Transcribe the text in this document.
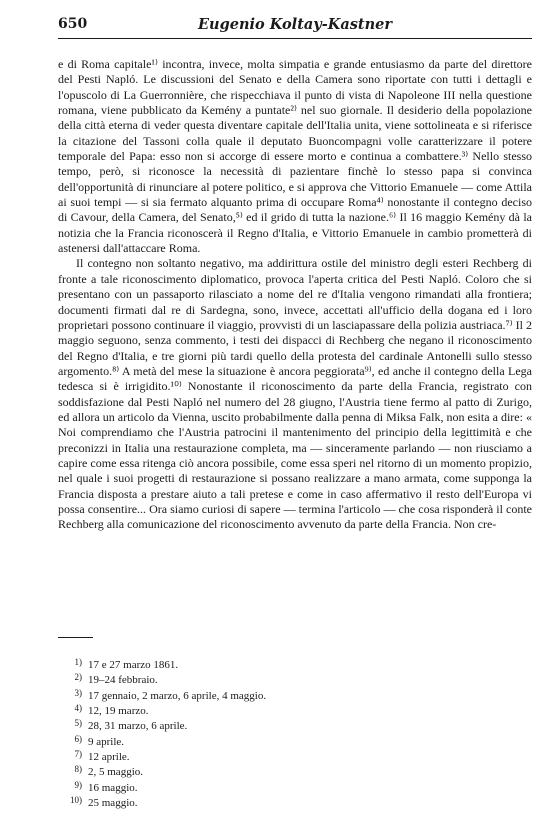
650	Eugenio Koltay-Kastner

e di Roma capitale¹⁾ incontra, invece, molta simpatia e grande entusiasmo da parte del direttore del Pesti Napló. Le discussioni del Senato e della Camera sono riportate con tutti i dettagli e l'opuscolo di La Guerronnière, che rispecchiava il punto di vista di Napoleone III nella questione romana, viene pubblicato da Kemény a puntate²⁾ nel suo giornale. Il desiderio della popolazione della città eterna di veder questa diventare capitale dell'Italia unita, viene sottolineata e si riferisce la citazione del Tassoni colla quale il deputato Buoncompagni volle caratterizzare il potere temporale del Papa: esso non si accorge di essere morto e continua a combattere.³⁾ Nello stesso tempo, però, si riconosce la necessità di pazientare finchè lo stesso papa si convinca dell'opportunità di rinunciare al potere politico, e si approva che Vittorio Emanuele — come Attila ai suoi tempi — si sia fermato alquanto prima di occupare Roma⁴⁾ nonostante il contegno deciso di Cavour, della Camera, del Senato,⁵⁾ ed il grido di tutta la nazione.⁶⁾ Il 16 maggio Kemény dà la notizia che la Francia riconoscerà il Regno d'Italia, e Vittorio Emanuele in cambio prometterà di astenersi dall'attaccare Roma.

Il contegno non soltanto negativo, ma addirittura ostile del ministro degli esteri Rechberg di fronte a tale riconoscimento diplomatico, provoca l'aperta critica del Pesti Napló. Coloro che si presentano con un passaporto rilasciato a nome del re d'Italia vengono rimandati alla frontiera; documenti firmati dal re di Sardegna, sono, invece, accettati all'ufficio della dogana ed i loro proprietari possono continuare il viaggio, provvisti di un lasciapassare della polizia austriaca.⁷⁾ Il 2 maggio seguono, senza commento, i testi dei dispacci di Rechberg che negano il riconoscimento del Regno d'Italia, e tre giorni più tardi quello della protesta del cardinale Antonelli sullo stesso argomento.⁸⁾ A metà del mese la situazione è ancora peggiorata⁹⁾, ed anche il contegno della Lega tedesca si è irrigidito.¹⁰⁾ Nonostante il riconoscimento da parte della Francia, registrato con soddisfazione dal Pesti Napló nel numero del 28 giugno, l'Austria tiene fermo al patto di Zurigo, ed allora un articolo da Vienna, uscito probabilmente dalla penna di Miksa Falk, non esita a dire: « Noi comprendiamo che l'Austria patrocini il mantenimento del principio della legittimità e che preconizzi in Italia una restaurazione completa, ma — sinceramente parlando — non riusciamo a capire come essa ritenga ciò ancora possibile, come essa speri nel ritorno di un momento propizio, nel quale i suoi progetti di restaurazione si possano realizzare a mano armata, come supponga la Francia disposta a prestare aiuto a tali pretese e come in caso affermativo il resto dell'Europa vi possa consentire... Ora siamo curiosi di sapere — termina l'articolo — che cosa risponderà il conte Rechberg alla comunicazione del riconoscimento avvenuto da parte della Francia. Non cre-

1) 17 e 27 marzo 1861.
2) 19–24 febbraio.
3) 17 gennaio, 2 marzo, 6 aprile, 4 maggio.
4) 12, 19 marzo.
5) 28, 31 marzo, 6 aprile.
6) 9 aprile.
7) 12 aprile.
8) 2, 5 maggio.
9) 16 maggio.
10) 25 maggio.
